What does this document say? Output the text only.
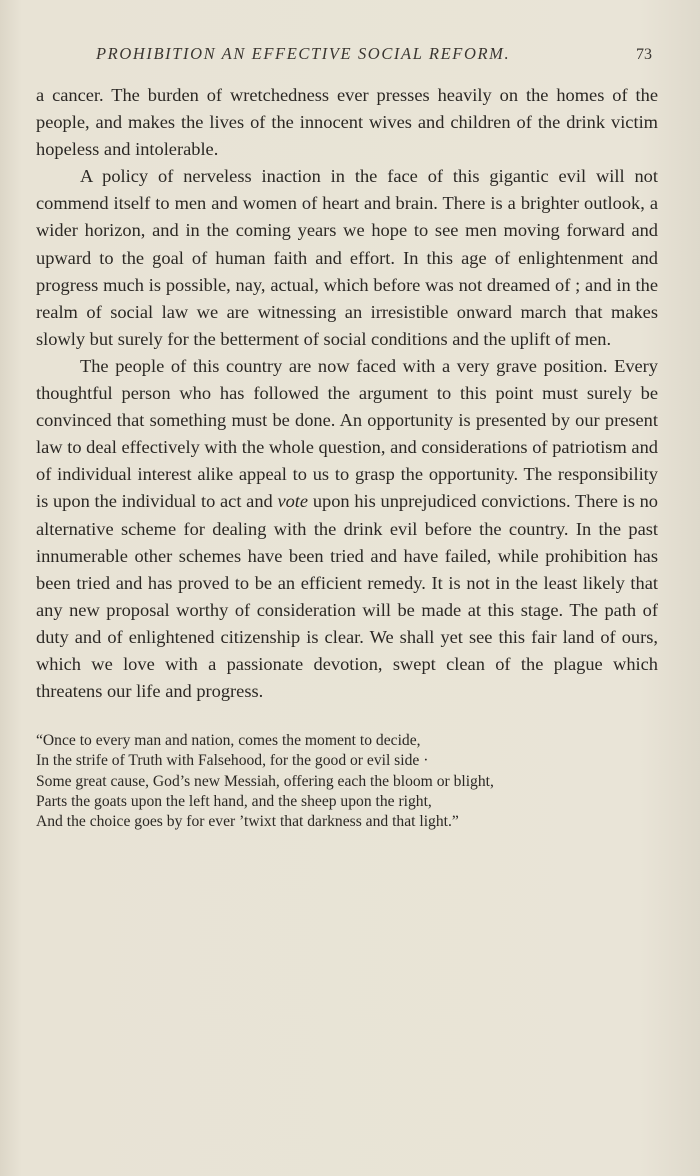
PROHIBITION AN EFFECTIVE SOCIAL REFORM.	73

a cancer. The burden of wretchedness ever presses heavily on the homes of the people, and makes the lives of the innocent wives and children of the drink victim hopeless and intolerable.

A policy of nerveless inaction in the face of this gigantic evil will not commend itself to men and women of heart and brain. There is a brighter outlook, a wider horizon, and in the coming years we hope to see men moving forward and upward to the goal of human faith and effort. In this age of enlightenment and progress much is possible, nay, actual, which before was not dreamed of ; and in the realm of social law we are witnessing an irresistible onward march that makes slowly but surely for the betterment of social conditions and the uplift of men.

The people of this country are now faced with a very grave position. Every thoughtful person who has followed the argument to this point must surely be convinced that something must be done. An opportunity is presented by our present law to deal effectively with the whole question, and considerations of patriotism and of individual interest alike appeal to us to grasp the opportunity. The responsibility is upon the individual to act and vote upon his unprejudiced convictions. There is no alternative scheme for dealing with the drink evil before the country. In the past innumerable other schemes have been tried and have failed, while prohibition has been tried and has proved to be an efficient remedy. It is not in the least likely that any new proposal worthy of consideration will be made at this stage. The path of duty and of enlightened citizenship is clear. We shall yet see this fair land of ours, which we love with a passionate devotion, swept clean of the plague which threatens our life and progress.

“Once to every man and nation, comes the moment to decide,

In the strife of Truth with Falsehood, for the good or evil side ·

Some great cause, God’s new Messiah, offering each the bloom or blight,

Parts the goats upon the left hand, and the sheep upon the right,

And the choice goes by for ever ’twixt that darkness and that light.”
